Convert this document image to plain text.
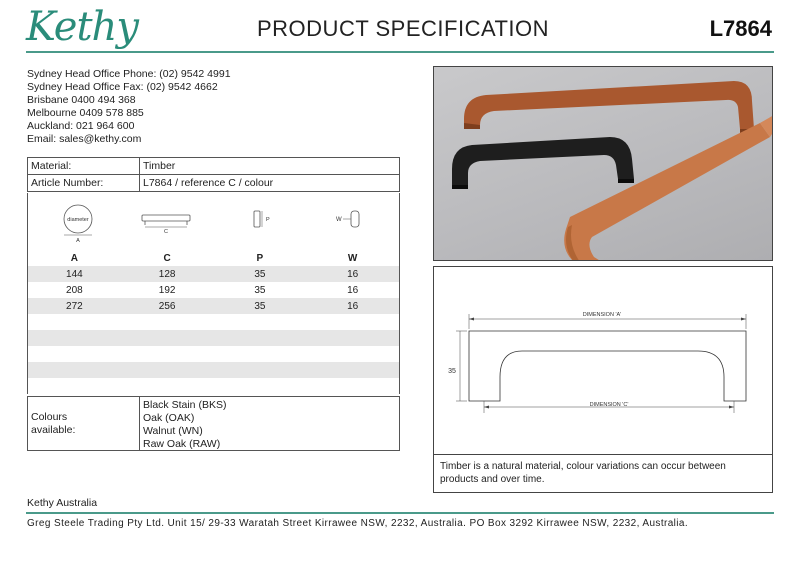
Kethy	PRODUCT SPECIFICATION	L7864
Sydney Head Office Phone: (02) 9542 4991
Sydney Head Office Fax: (02) 9542 4662
Brisbane 0400 494 368
Melbourne 0409 578 885
Auckland: 021 964 600
Email: sales@kethy.com
Material:	Timber
Article Number:	L7864 / reference C / colour
diameter
A
C
P	W
A	C	P	W
144	128	35	16
208	192	35	16
272	256	35	16
Colours
available:
Black Stain (BKS)
Oak (OAK)
Walnut (WN)
Raw Oak (RAW)
DIMENSION 'A'
35
DIMENSION 'C'
Timber is a natural material, colour variations can occur between products and over time.
Kethy Australia
Greg Steele Trading Pty Ltd. Unit 15/ 29-33 Waratah Street Kirrawee NSW, 2232, Australia. PO Box 3292 Kirrawee NSW, 2232, Australia.
